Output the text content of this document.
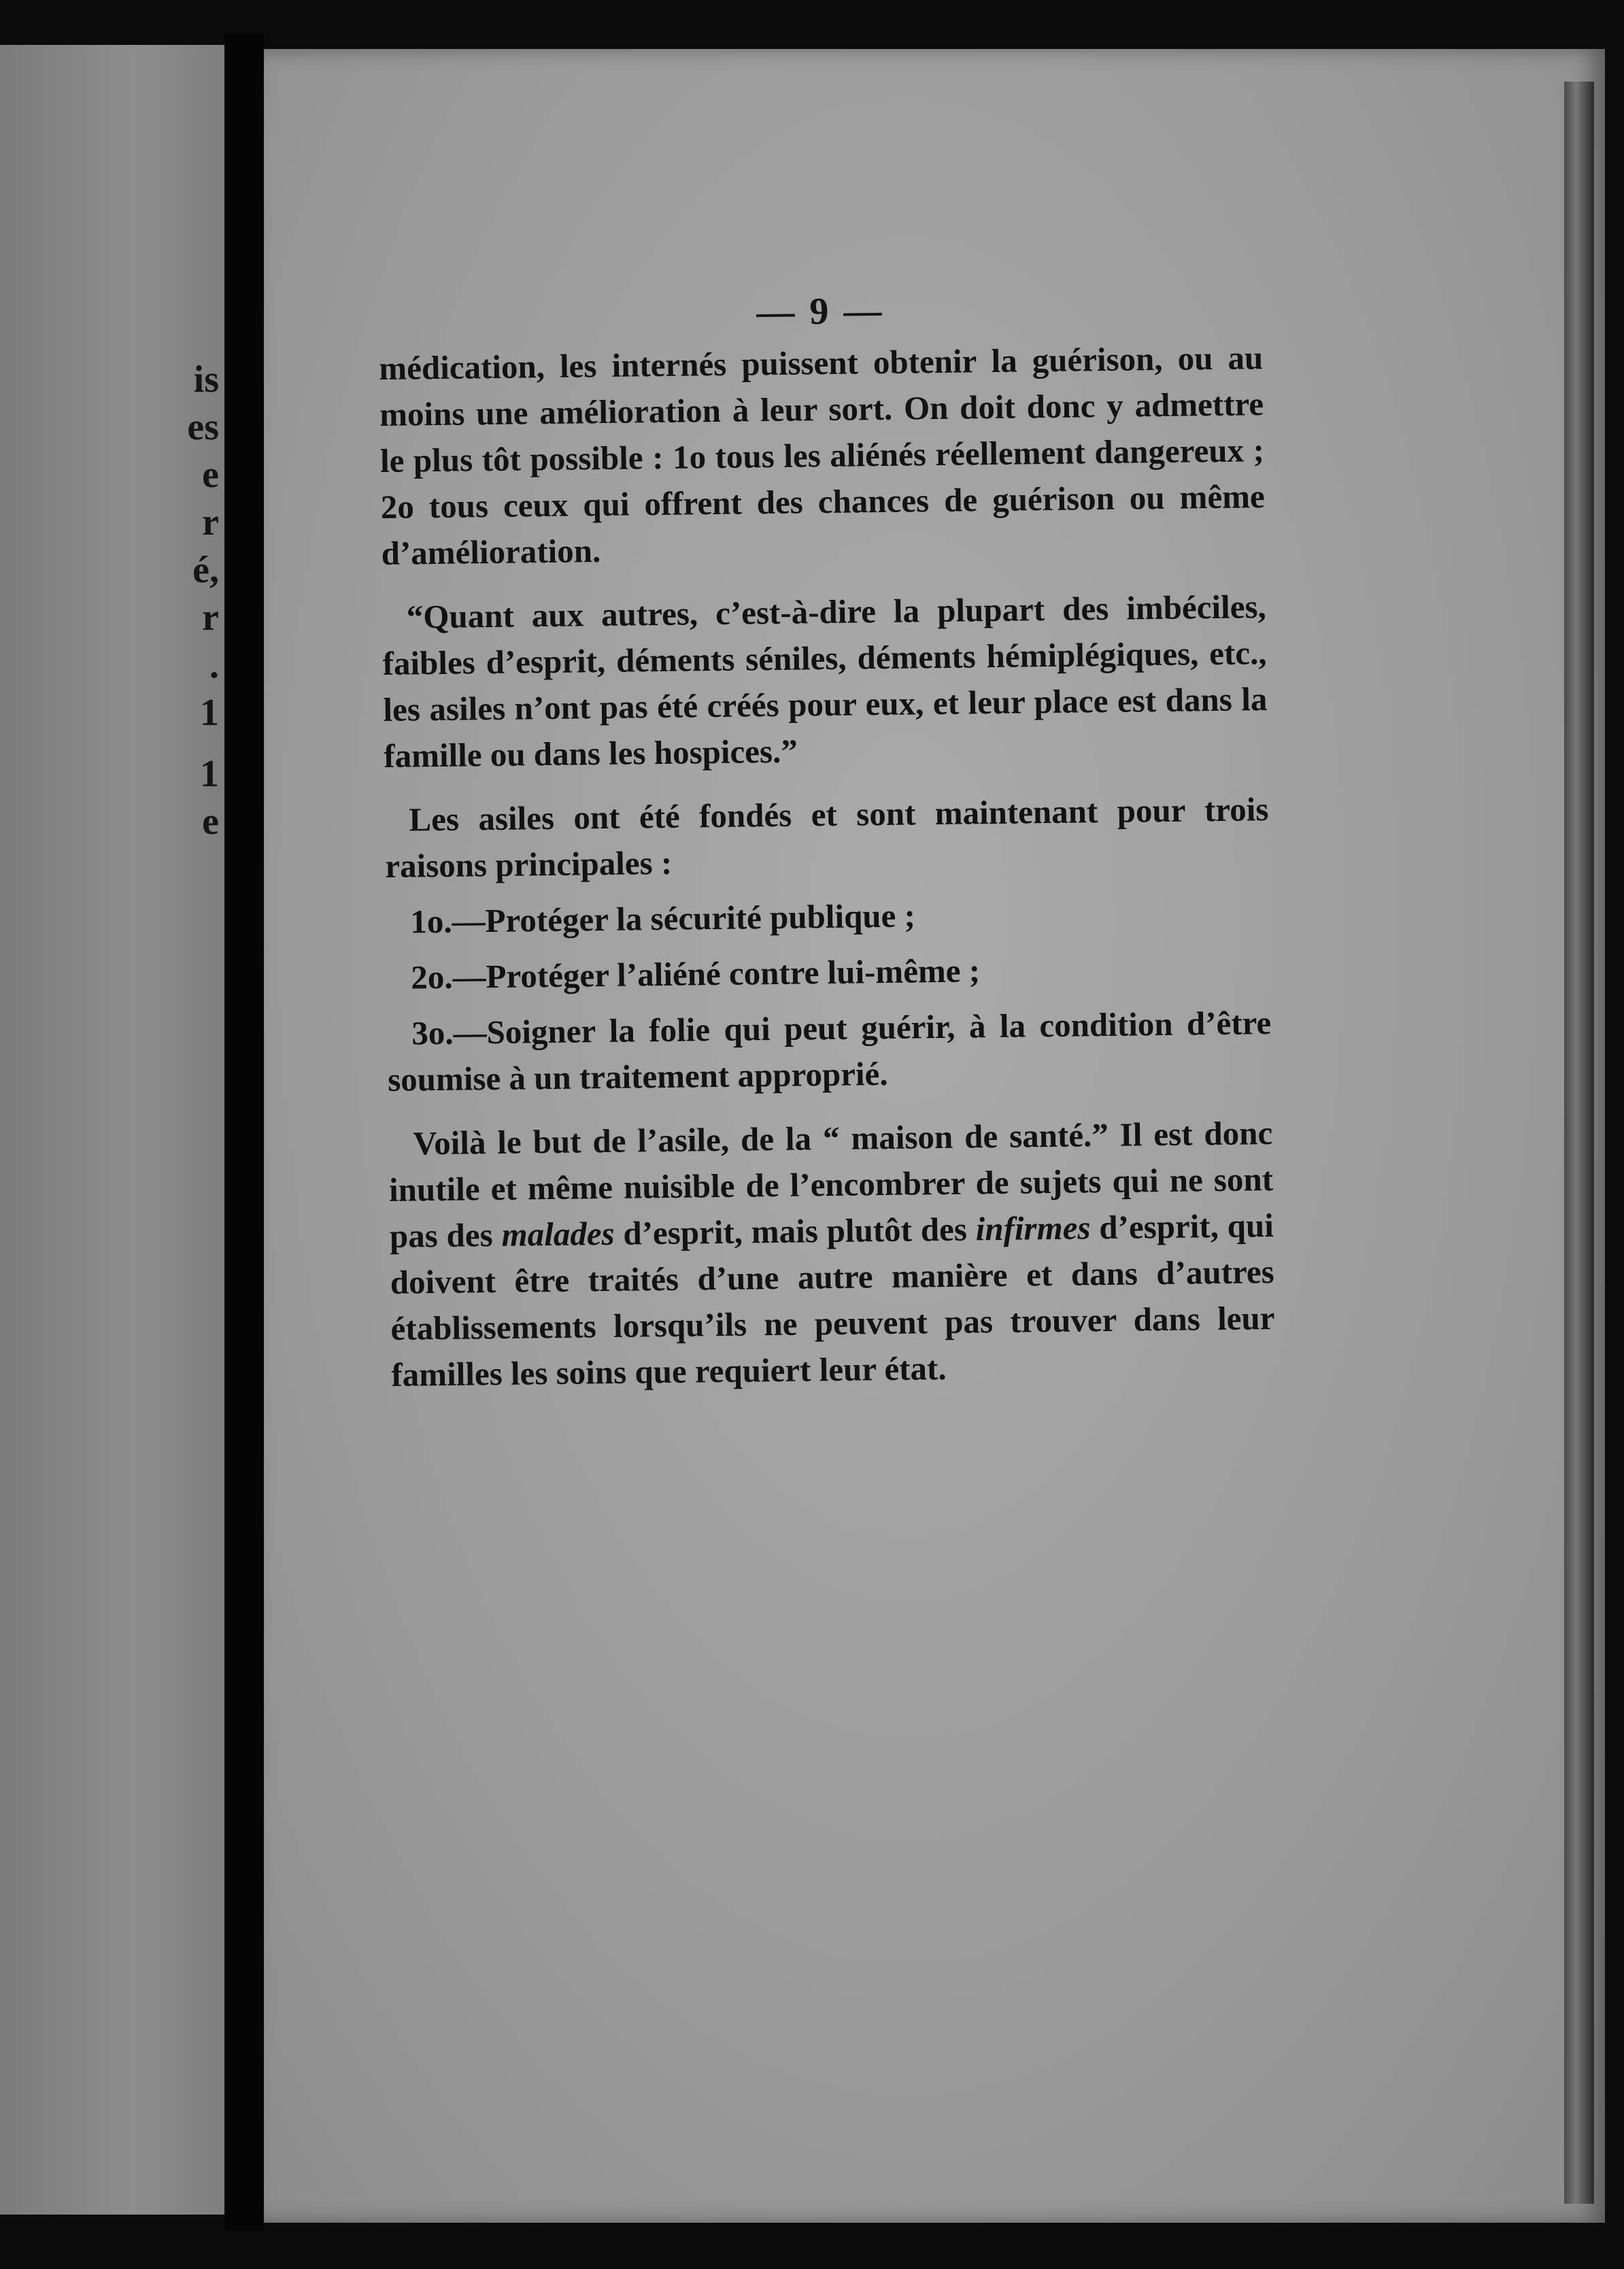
is
es
e
r
é,
r
.
1
1
e
— 9 —

médication, les internés puissent obtenir la guérison, ou au moins une amélioration à leur sort. On doit donc y admettre le plus tôt possible : 1o tous les aliénés réellement dangereux ; 2o tous ceux qui offrent des chances de guérison ou même d’amélioration.

“Quant aux autres, c’est-à-dire la plupart des imbéciles, faibles d’esprit, déments séniles, déments hémiplégiques, etc., les asiles n’ont pas été créés pour eux, et leur place est dans la famille ou dans les hospices.”

Les asiles ont été fondés et sont maintenant pour trois raisons principales :

1o.—Protéger la sécurité publique ;

2o.—Protéger l’aliéné contre lui-même ;

3o.—Soigner la folie qui peut guérir, à la condition d’être soumise à un traitement approprié.

Voilà le but de l’asile, de la “ maison de santé.” Il est donc inutile et même nuisible de l’encombrer de sujets qui ne sont pas des malades d’esprit, mais plutôt des infirmes d’esprit, qui doivent être traités d’une autre manière et dans d’autres établissements lorsqu’ils ne peuvent pas trouver dans leur familles les soins que requiert leur état.
